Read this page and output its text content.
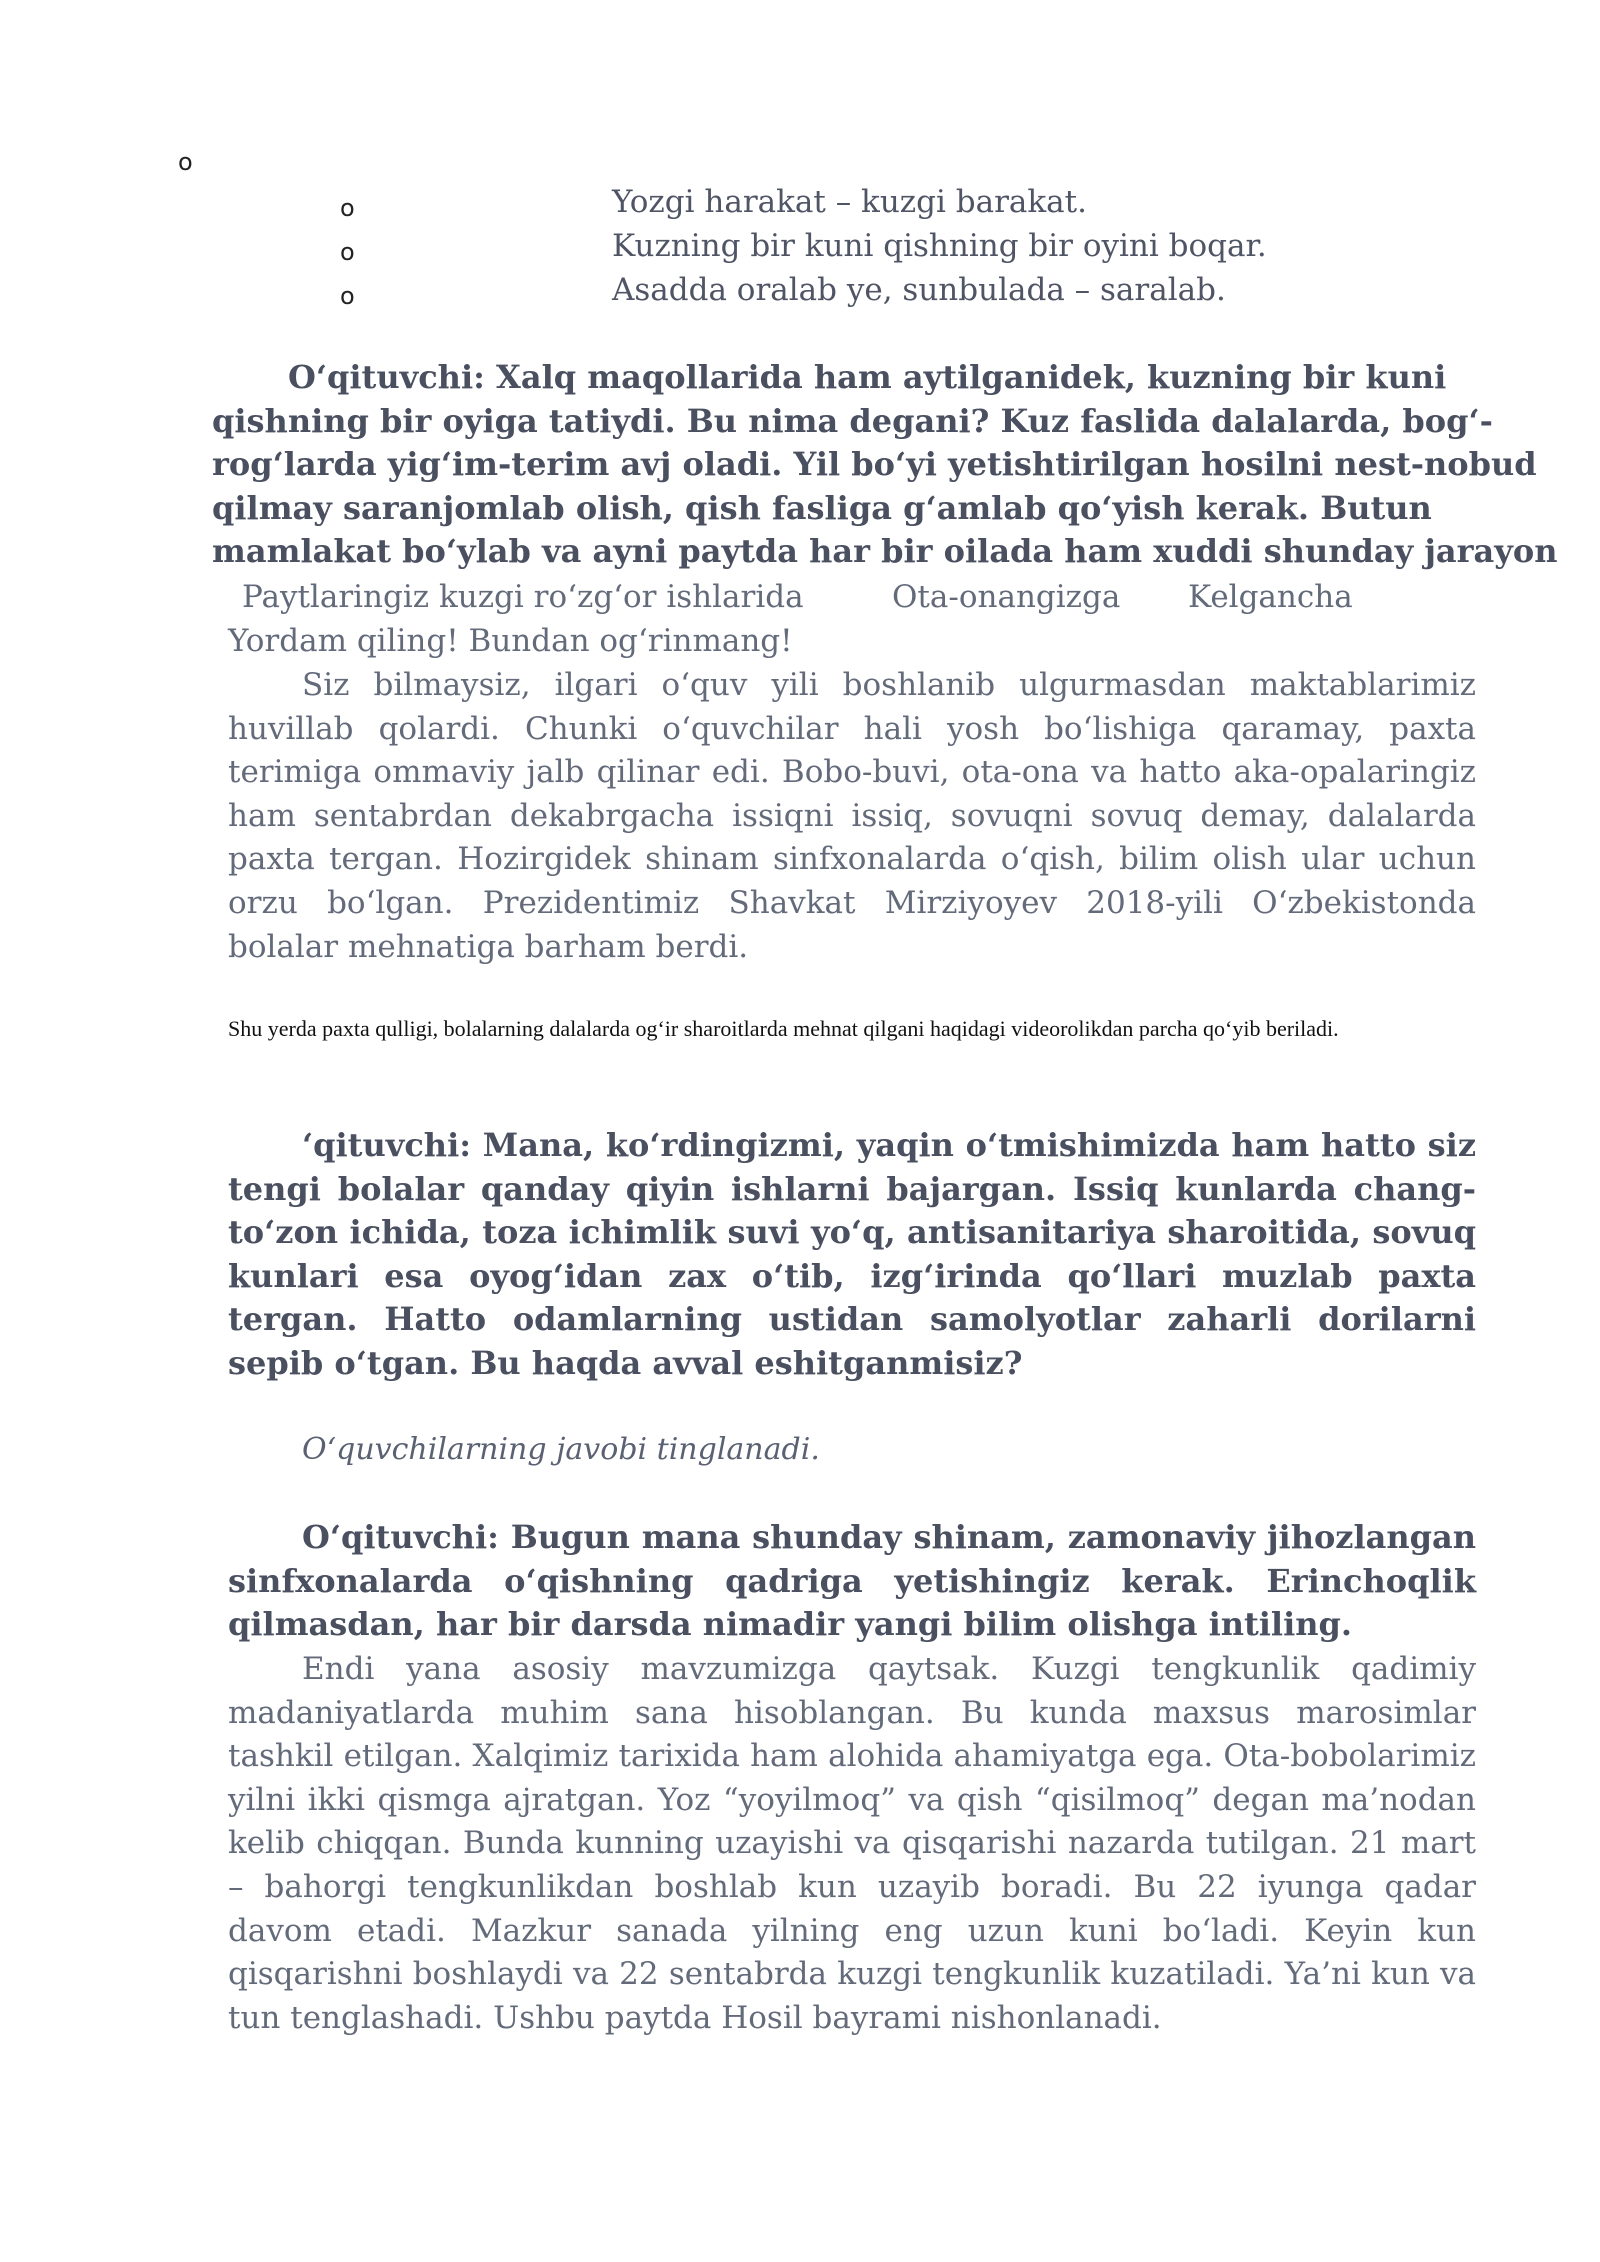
o
o	Yozgi harakat – kuzgi barakat.
o	Kuzning bir kuni qishning bir oyini boqar.
o	Asadda oralab ye, sunbulada – saralab.
O‘qituvchi: Xalq maqollarida ham aytilganidek, kuzning bir kuni
qishning bir oyiga tatiydi. Bu nima degani? Kuz faslida dalalarda, bog‘-
rog‘larda yig‘im-terim avj oladi. Yil bo‘yi yetishtirilgan hosilni nest-nobud
qilmay saranjomlab olish, qish fasliga g‘amlab qo‘yish kerak. Butun
mamlakat bo‘ylab va ayni paytda har bir oilada ham xuddi shunday jarayon
Paytlaringiz kuzgi ro‘zg‘or ishlarida	Ota-onangizga Kelgancha
Yordam qiling! Bundan og‘rinmang!
Siz bilmaysiz, ilgari o‘quv yili boshlanib ulgurmasdan maktablarimiz huvillab qolardi. Chunki o‘quvchilar hali yosh bo‘lishiga qaramay, paxta terimiga ommaviy jalb qilinar edi. Bobo-buvi, ota-ona va hatto aka-opalaringiz ham sentabrdan dekabrgacha issiqni issiq, sovuqni sovuq demay, dalalarda paxta tergan. Hozirgidek shinam sinfxonalarda o‘qish, bilim olish ular uchun orzu bo‘lgan. Prezidentimiz Shavkat Mirziyoyev 2018-yili O‘zbekistonda bolalar mehnatiga barham berdi.
Shu yerda paxta qulligi, bolalarning dalalarda og‘ir sharoitlarda mehnat qilgani haqidagi videorolikdan parcha qo‘yib beriladi.
‘qituvchi: Mana, ko‘rdingizmi, yaqin o‘tmishimizda ham hatto siz tengi bolalar qanday qiyin ishlarni bajargan. Issiq kunlarda chang-to‘zon ichida, toza ichimlik suvi yo‘q, antisanitariya sharoitida, sovuq kunlari esa oyog‘idan zax o‘tib, izg‘irinda qo‘llari muzlab paxta tergan. Hatto odamlarning ustidan samolyotlar zaharli dorilarni sepib o‘tgan. Bu haqda avval eshitganmisiz?
O‘quvchilarning javobi tinglanadi.
O‘qituvchi: Bugun mana shunday shinam, zamonaviy jihozlangan sinfxonalarda o‘qishning qadriga yetishingiz kerak. Erinchoqlik qilmasdan, har bir darsda nimadir yangi bilim olishga intiling.
Endi yana asosiy mavzumizga qaytsak. Kuzgi tengkunlik qadimiy madaniyatlarda muhim sana hisoblangan. Bu kunda maxsus marosimlar tashkil etilgan. Xalqimiz tarixida ham alohida ahamiyatga ega. Ota-bobolarimiz yilni ikki qismga ajratgan. Yoz “yoyilmoq” va qish “qisilmoq” degan ma’nodan kelib chiqqan. Bunda kunning uzayishi va qisqarishi nazarda tutilgan. 21 mart – bahorgi tengkunlikdan boshlab kun uzayib boradi. Bu 22 iyunga qadar davom etadi. Mazkur sanada yilning eng uzun kuni bo‘ladi. Keyin kun qisqarishni boshlaydi va 22 sentabrda kuzgi tengkunlik kuzatiladi. Ya’ni kun va tun tenglashadi. Ushbu paytda Hosil bayrami nishonlanadi.
